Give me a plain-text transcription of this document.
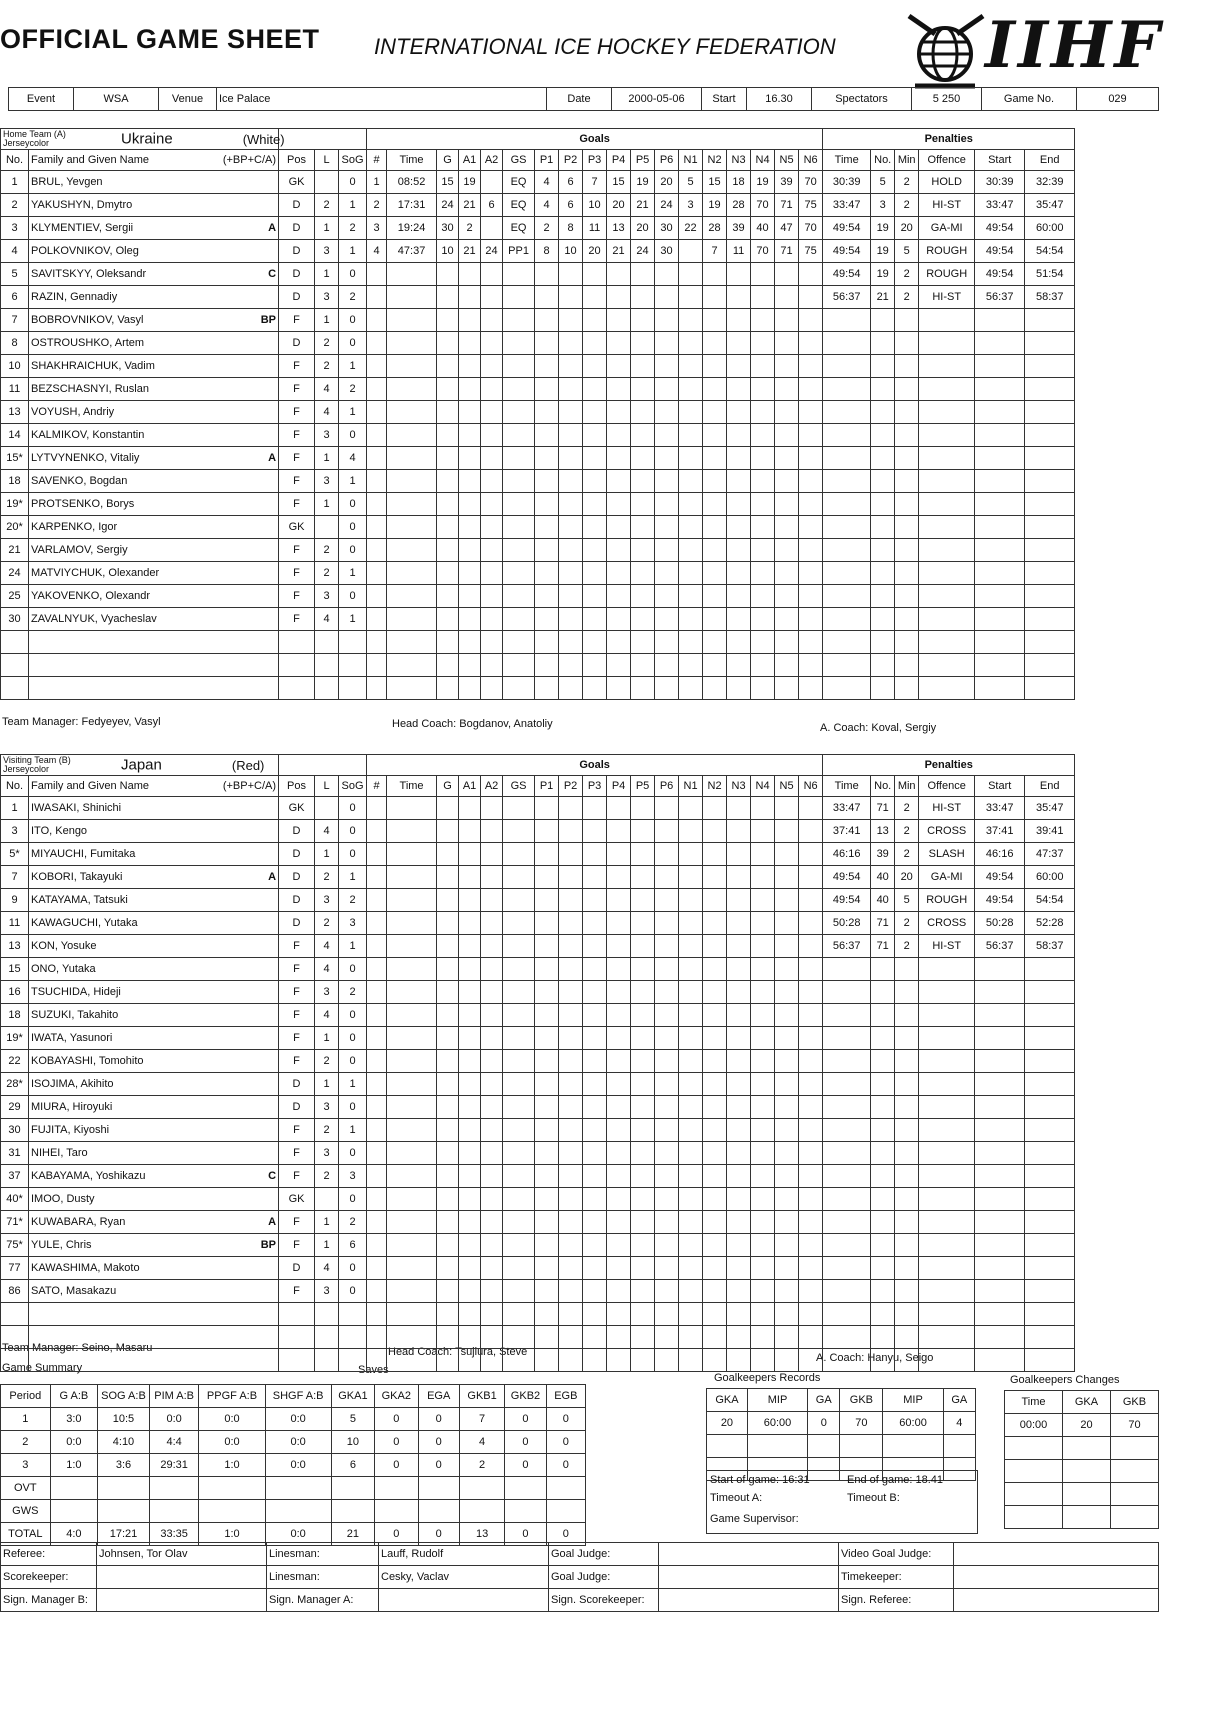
OFFICIAL GAME SHEET INTERNATIONAL ICE HOCKEY FEDERATION IIHF
Event	WSA	Venue	Ice Palace	Date	2000-05-06	Start	16.30	Spectators	5 250	Game No.	029
Team Manager: Fedyeyev, Vasyl	Head Coach: Bogdanov, Anatoliy	A. Coach: Koval, Sergiy
Team Manager: Seino, Masaru	Head Coach: Tsujiura, Steve	A. Coach: Hanyu, Seigo
Game Summary	Saves
Goalkeepers Records	Goalkeepers Changes
Period	G A:B	SOG A:B	PIM A:B	PPGF A:B	SHGF A:B	GKA1	GKA2	EGA	GKB1	GKB2	EGB
1	3:0	10:5	0:0	0:0	0:0	5	0	0	7	0	0
2	0:0	4:10	4:4	0:0	0:0	10	0	0	4	0	0
3	1:0	3:6	29:31	1:0	0:0	6	0	0	2	0	0
OVT											
GWS											
TOTAL	4:0	17:21	33:35	1:0	0:0	21	0	0	13	0	0
GKA	MIP	GA	GKB	MIP	GA
20	60:00	0	70	60:00	4

Start of game: 16:31	End of game: 18.41
Timeout A:	Timeout B:
Game Supervisor:
Time	GKA	GKB
00:00	20	70

Referee:	Johnsen, Tor Olav	Linesman:	Lauff, Rudolf	Goal Judge:		Video Goal Judge:	
Scorekeeper:		Linesman:	Cesky, Vaclav	Goal Judge:		Timekeeper:	
Sign. Manager B:		Sign. Manager A:		Sign. Scorekeeper:		Sign. Referee:	
Home Team (A)
Jerseycolor Ukraine (White)					Goals																		Penalties					
No.	Family and Given Name (+BP+C/A)	Pos	L	SoG	#	Time	G	A1	A2	GS	P1	P2	P3	P4	P5	P6	N1	N2	N3	N4	N5	N6	Time	No.	Min	Offence	Start	End
1	BRUL, Yevgen	GK		0	1	08:52	15	19		EQ	4	6	7	15	19	20	5	15	18	19	39	70	30:39	5	2	HOLD	30:39	32:39
2	YAKUSHYN, Dmytro	D	2	1	2	17:31	24	21	6	EQ	4	6	10	20	21	24	3	19	28	70	71	75	33:47	3	2	HI-ST	33:47	35:47
3	KLYMENTIEV, Sergii A	D	1	2	3	19:24	30	2		EQ	2	8	11	13	20	30	22	28	39	40	47	70	49:54	19	20	GA-MI	49:54	60:00
4	POLKOVNIKOV, Oleg	D	3	1	4	47:37	10	21	24	PP1	8	10	20	21	24	30		7	11	70	71	75	49:54	19	5	ROUGH	49:54	54:54
5	SAVITSKYY, Oleksandr C	D	1	0																			49:54	19	2	ROUGH	49:54	51:54
6	RAZIN, Gennadiy	D	3	2																			56:37	21	2	HI-ST	56:37	58:37
7	BOBROVNIKOV, Vasyl BP	F	1	0																								
8	OSTROUSHKO, Artem	D	2	0																								
10	SHAKHRAICHUK, Vadim	F	2	1																								
11	BEZSCHASNYI, Ruslan	F	4	2																								
13	VOYUSH, Andriy	F	4	1																								
14	KALMIKOV, Konstantin	F	3	0																								
15*	LYTVYNENKO, Vitaliy A	F	1	4																								
18	SAVENKO, Bogdan	F	3	1																								
19*	PROTSENKO, Borys	F	1	0																								
20*	KARPENKO, Igor	GK		0																								
21	VARLAMOV, Sergiy	F	2	0																								
24	MATVIYCHUK, Olexander	F	2	1																								
25	YAKOVENKO, Olexandr	F	3	0																								
30	ZAVALNYUK, Vyacheslav	F	4	1																								

Visiting Team (B)
Jerseycolor Japan (Red)					Goals																		Penalties					
No.	Family and Given Name (+BP+C/A)	Pos	L	SoG	#	Time	G	A1	A2	GS	P1	P2	P3	P4	P5	P6	N1	N2	N3	N4	N5	N6	Time	No.	Min	Offence	Start	End
1	IWASAKI, Shinichi	GK		0																			33:47	71	2	HI-ST	33:47	35:47
3	ITO, Kengo	D	4	0																			37:41	13	2	CROSS	37:41	39:41
5*	MIYAUCHI, Fumitaka	D	1	0																			46:16	39	2	SLASH	46:16	47:37
7	KOBORI, Takayuki A	D	2	1																			49:54	40	20	GA-MI	49:54	60:00
9	KATAYAMA, Tatsuki	D	3	2																			49:54	40	5	ROUGH	49:54	54:54
11	KAWAGUCHI, Yutaka	D	2	3																			50:28	71	2	CROSS	50:28	52:28
13	KON, Yosuke	F	4	1																			56:37	71	2	HI-ST	56:37	58:37
15	ONO, Yutaka	F	4	0																								
16	TSUCHIDA, Hideji	F	3	2																								
18	SUZUKI, Takahito	F	4	0																								
19*	IWATA, Yasunori	F	1	0																								
22	KOBAYASHI, Tomohito	F	2	0																								
28*	ISOJIMA, Akihito	D	1	1																								
29	MIURA, Hiroyuki	D	3	0																								
30	FUJITA, Kiyoshi	F	2	1																								
31	NIHEI, Taro	F	3	0																								
37	KABAYAMA, Yoshikazu C	F	2	3																								
40*	IMOO, Dusty	GK		0																								
71*	KUWABARA, Ryan A	F	1	2																								
75*	YULE, Chris BP	F	1	6																								
77	KAWASHIMA, Makoto	D	4	0																								
86	SATO, Masakazu	F	3	0																								
